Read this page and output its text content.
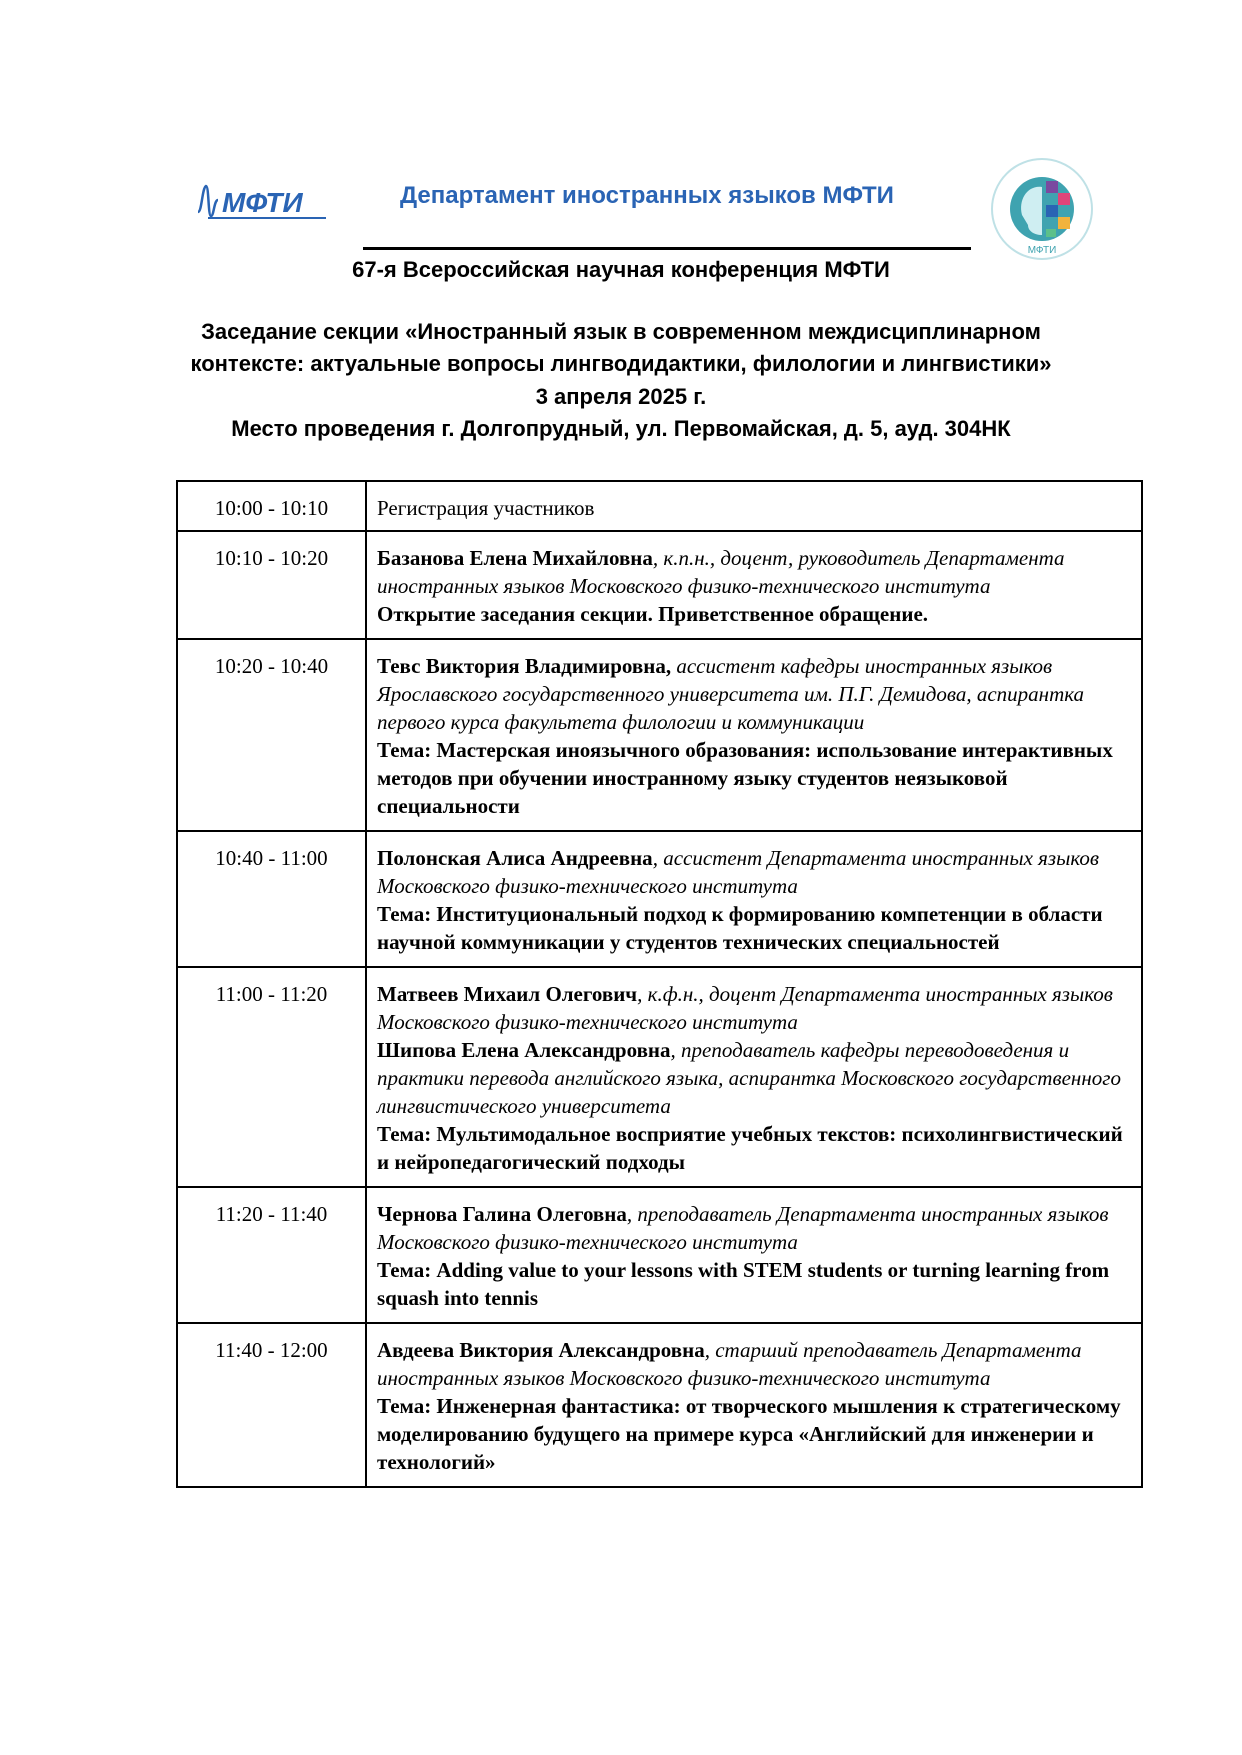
МФТИ	Департамент иностранных языков МФТИ
МФТИ
67-я Всероссийская научная конференция МФТИ
Заседание секции «Иностранный язык в современном междисциплинарном
контексте: актуальные вопросы лингводидактики, филологии и лингвистики»
3 апреля 2025 г.
Место проведения г. Долгопрудный, ул. Первомайская, д. 5, ауд. 304НК
10:00 - 10:10	Регистрация участников
10:10 - 10:20	Базанова Елена Михайловна, к.п.н., доцент, руководитель Департамента иностранных языков Московского физико-технического института
Открытие заседания секции. Приветственное обращение.
10:20 - 10:40	Тевс Виктория Владимировна, ассистент кафедры иностранных языков Ярославского государственного университета им. П.Г. Демидова, аспирантка первого курса факультета филологии и коммуникации
Тема: Мастерская иноязычного образования: использование интерактивных методов при обучении иностранному языку студентов неязыковой специальности
10:40 - 11:00	Полонская Алиса Андреевна, ассистент Департамента иностранных языков Московского физико-технического института
Тема: Институциональный подход к формированию компетенции в области научной коммуникации у студентов технических специальностей
11:00 - 11:20	Матвеев Михаил Олегович, к.ф.н., доцент Департамента иностранных языков Московского физико-технического института
Шипова Елена Александровна, преподаватель кафедры переводоведения и практики перевода английского языка, аспирантка Московского государственного лингвистического университета
Тема: Мультимодальное восприятие учебных текстов: психолингвистический и нейропедагогический подходы
11:20 - 11:40	Чернова Галина Олеговна, преподаватель Департамента иностранных языков Московского физико-технического института
Тема: Adding value to your lessons with STEM students or turning learning from squash into tennis
11:40 - 12:00	Авдеева Виктория Александровна, старший преподаватель Департамента иностранных языков Московского физико-технического института
Тема: Инженерная фантастика: от творческого мышления к стратегическому моделированию будущего на примере курса «Английский для инженерии и технологий»
